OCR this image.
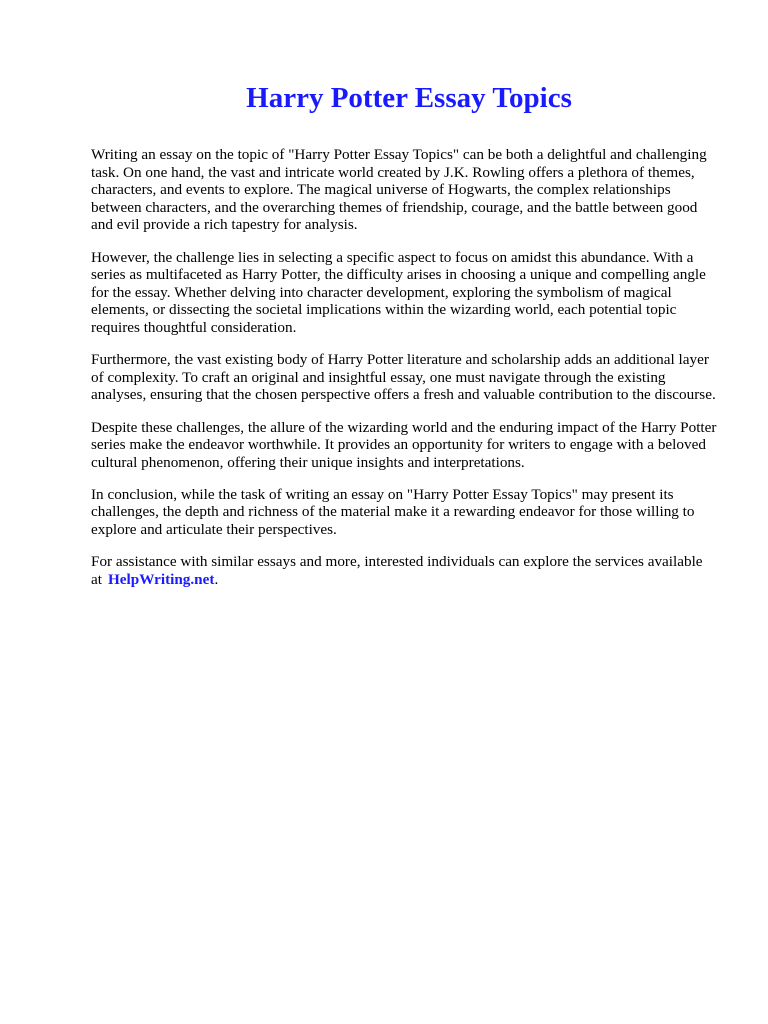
Harry Potter Essay Topics

Writing an essay on the topic of "Harry Potter Essay Topics" can be both a delightful and challenging task. On one hand, the vast and intricate world created by J.K. Rowling offers a plethora of themes, characters, and events to explore. The magical universe of Hogwarts, the complex relationships between characters, and the overarching themes of friendship, courage, and the battle between good and evil provide a rich tapestry for analysis.

However, the challenge lies in selecting a specific aspect to focus on amidst this abundance. With a series as multifaceted as Harry Potter, the difficulty arises in choosing a unique and compelling angle for the essay. Whether delving into character development, exploring the symbolism of magical elements, or dissecting the societal implications within the wizarding world, each potential topic requires thoughtful consideration.

Furthermore, the vast existing body of Harry Potter literature and scholarship adds an additional layer of complexity. To craft an original and insightful essay, one must navigate through the existing analyses, ensuring that the chosen perspective offers a fresh and valuable contribution to the discourse.

Despite these challenges, the allure of the wizarding world and the enduring impact of the Harry Potter series make the endeavor worthwhile. It provides an opportunity for writers to engage with a beloved cultural phenomenon, offering their unique insights and interpretations.

In conclusion, while the task of writing an essay on "Harry Potter Essay Topics" may present its challenges, the depth and richness of the material make it a rewarding endeavor for those willing to explore and articulate their perspectives.

For assistance with similar essays and more, interested individuals can explore the services available at HelpWriting.net.
